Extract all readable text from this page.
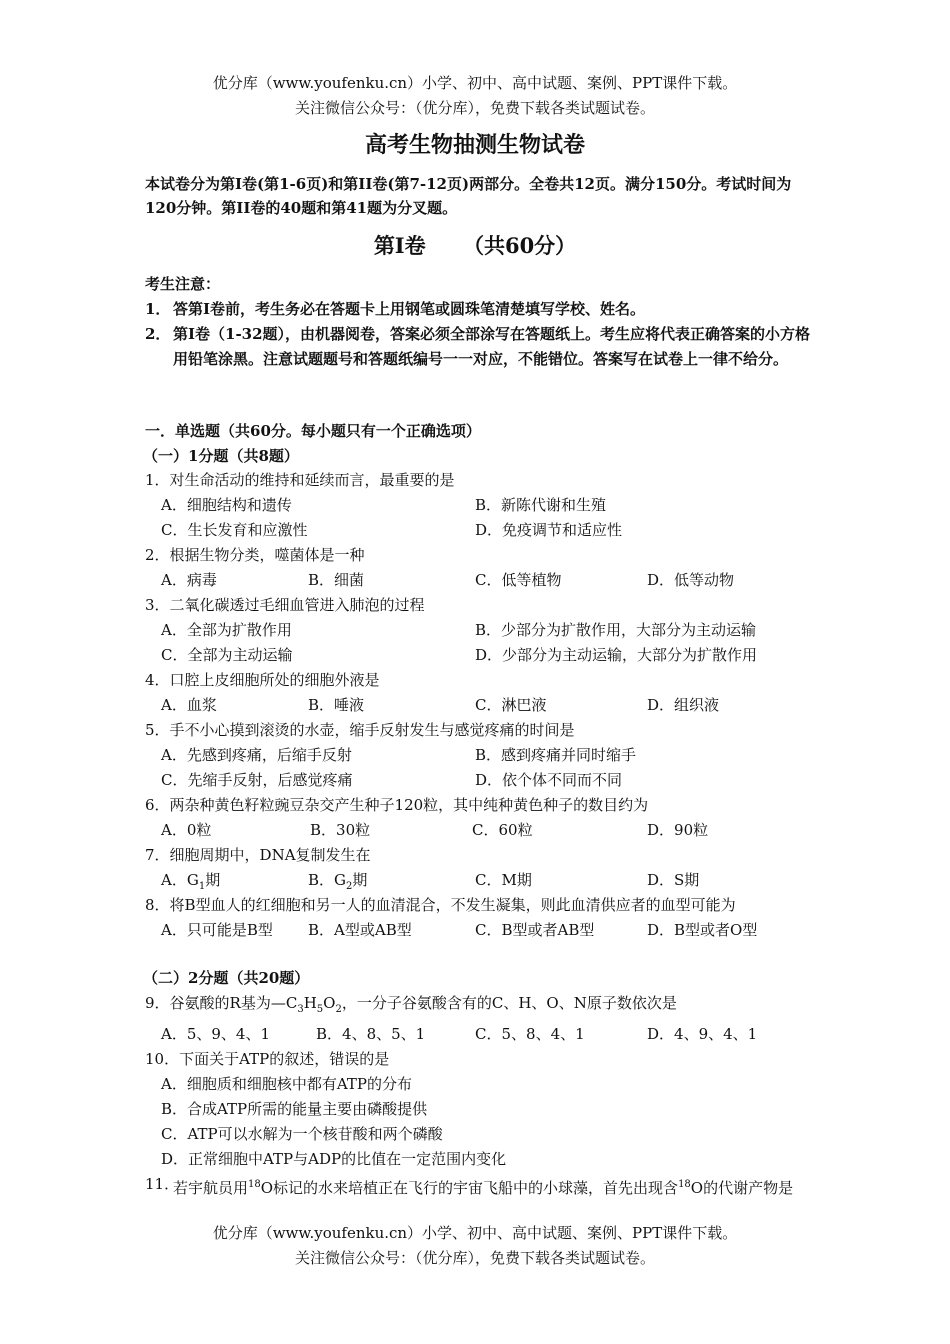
优分库（www.youfenku.cn）小学、初中、高中试题、案例、PPT课件下载。
关注微信公众号：（优分库），免费下载各类试题试卷。
高考生物抽测生物试卷
本试卷分为第I卷(第1-6页)和第II卷(第7-12页)两部分。全卷共12页。满分150分。考试时间为120分钟。第II卷的40题和第41题为分叉题。
第I卷 （共60分）
考生注意：
1． 答第I卷前，考生务必在答题卡上用钢笔或圆珠笔清楚填写学校、姓名。
2． 第I卷（1-32题），由机器阅卷，答案必须全部涂写在答题纸上。考生应将代表正确答案的小方格用铅笔涂黑。注意试题题号和答题纸编号一一对应，不能错位。答案写在试卷上一律不给分。
一．单选题（共60分。每小题只有一个正确选项）
（一）1分题（共8题）
1．对生命活动的维持和延续而言，最重要的是
A．细胞结构和遗传	B．新陈代谢和生殖
C．生长发育和应激性	D．免疫调节和适应性
2．根据生物分类，噬菌体是一种
A．病毒	B．细菌	C．低等植物	D．低等动物
3．二氧化碳透过毛细血管进入肺泡的过程
A．全部为扩散作用	B．少部分为扩散作用，大部分为主动运输
C．全部为主动运输	D．少部分为主动运输，大部分为扩散作用
4．口腔上皮细胞所处的细胞外液是
A．血浆	B．唾液	C．淋巴液	D．组织液
5．手不小心摸到滚烫的水壶，缩手反射发生与感觉疼痛的时间是
A．先感到疼痛，后缩手反射	B．感到疼痛并同时缩手
C．先缩手反射，后感觉疼痛	D．依个体不同而不同
6．两杂种黄色籽粒豌豆杂交产生种子120粒，其中纯种黄色种子的数目约为
A．0粒	B．30粒	C．60粒	D．90粒
7．细胞周期中，DNA复制发生在
A．$G_1$期	B．$G_2$期	C．M期	D．S期
8．将B型血人的红细胞和另一人的血清混合，不发生凝集，则此血清供应者的血型可能为
A．只可能是B型 B．A型或AB型	C．B型或者AB型	D．B型或者O型
（二）2分题（共20题）
9．谷氨酸的R基为$—C_3H_5O_2$，一分子谷氨酸含有的C、H、O、N原子数依次是
A．5、9、4、1	B．4、8、5、1	C．5、8、4、1	D．4、9、4、1
10．下面关于ATP的叙述，错误的是
A．细胞质和细胞核中都有ATP的分布
B．合成ATP所需的能量主要由磷酸提供
C．ATP可以水解为一个核苷酸和两个磷酸
D．正常细胞中ATP与ADP的比值在一定范围内变化
11．
若宇航员用$^{18}$O标记的水来培植正在飞行的宇宙飞船中的小球藻，首先出现含$^{18}$O的代谢产物是
优分库（www.youfenku.cn）小学、初中、高中试题、案例、PPT课件下载。
关注微信公众号：（优分库），免费下载各类试题试卷。
